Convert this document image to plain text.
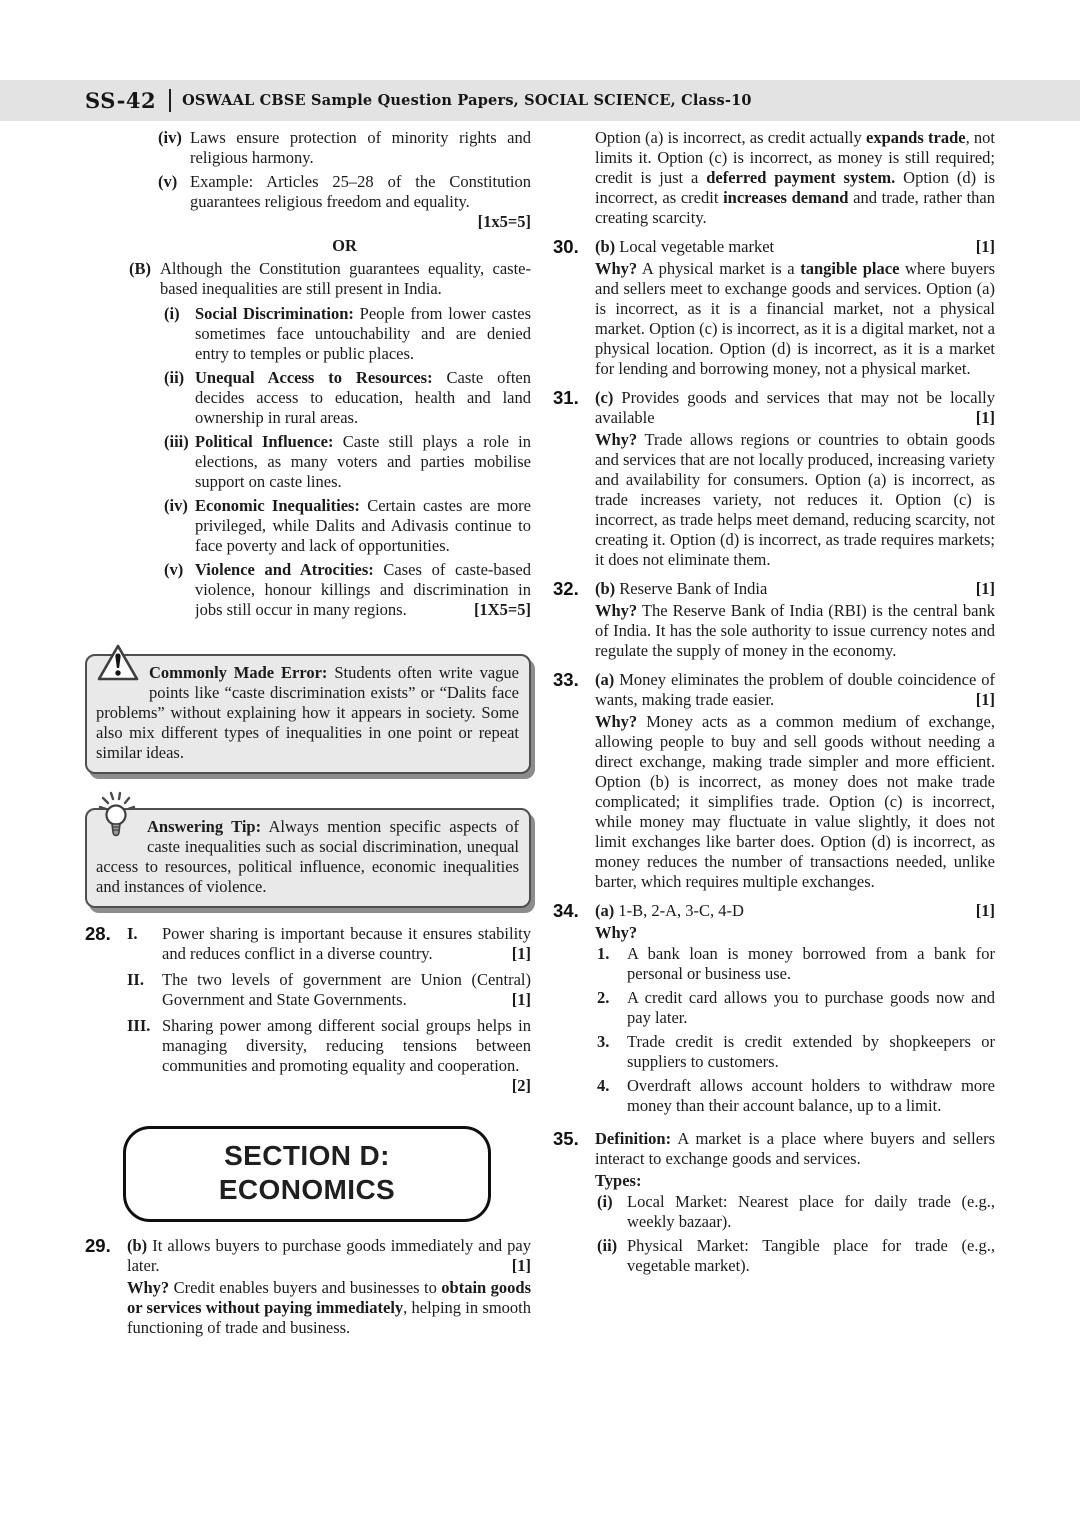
SS-42 OSWAAL CBSE Sample Question Papers, SOCIAL SCIENCE, Class-10
(iv) Laws ensure protection of minority rights and religious harmony.
(v) Example: Articles 25–28 of the Constitution guarantees religious freedom and equality.
[1x5=5]
OR
(B) Although the Constitution guarantees equality, caste-based inequalities are still present in India.
(i) Social Discrimination: People from lower castes sometimes face untouchability and are denied entry to temples or public places.
(ii) Unequal Access to Resources: Caste often decides access to education, health and land ownership in rural areas.
(iii) Political Influence: Caste still plays a role in elections, as many voters and parties mobilise support on caste lines.
(iv) Economic Inequalities: Certain castes are more privileged, while Dalits and Adivasis continue to face poverty and lack of opportunities.
(v) Violence and Atrocities: Cases of caste-based violence, honour killings and discrimination in jobs still occur in many regions.	[1X5=5]
Commonly Made Error: Students often write vague points like “caste discrimination exists” or “Dalits face problems” without explaining how it appears in society. Some also mix different types of inequalities in one point or repeat similar ideas.
Answering Tip: Always mention specific aspects of caste inequalities such as social discrimination, unequal access to resources, political influence, economic inequalities and instances of violence.
28. I.	Power sharing is important because it ensures stability and reduces conflict in a diverse country.	[1]
II.	The two levels of government are Union (Central) Government and State Governments.	[1]
III. Sharing power among different social groups helps in managing diversity, reducing tensions between communities and promoting equality and cooperation.
[2]
SECTION D:
ECONOMICS
29. (b) It allows buyers to purchase goods immediately and pay later.	[1]
Why? Credit enables buyers and businesses to obtain goods or services without paying immediately, helping in smooth functioning of trade and business.
Option (a) is incorrect, as credit actually expands trade, not limits it. Option (c) is incorrect, as money is still required; credit is just a deferred payment system. Option (d) is incorrect, as credit increases demand and trade, rather than creating scarcity.
30. (b) Local vegetable market	[1]
Why? A physical market is a tangible place where buyers and sellers meet to exchange goods and services. Option (a) is incorrect, as it is a financial market, not a physical market. Option (c) is incorrect, as it is a digital market, not a physical location. Option (d) is incorrect, as it is a market for lending and borrowing money, not a physical market.
31. (c) Provides goods and services that may not be locally available	[1]
Why? Trade allows regions or countries to obtain goods and services that are not locally produced, increasing variety and availability for consumers. Option (a) is incorrect, as trade increases variety, not reduces it. Option (c) is incorrect, as trade helps meet demand, reducing scarcity, not creating it. Option (d) is incorrect, as trade requires markets; it does not eliminate them.
32. (b) Reserve Bank of India	[1]
Why? The Reserve Bank of India (RBI) is the central bank of India. It has the sole authority to issue currency notes and regulate the supply of money in the economy.
33. (a) Money eliminates the problem of double coincidence of wants, making trade easier.	[1]
Why? Money acts as a common medium of exchange, allowing people to buy and sell goods without needing a direct exchange, making trade simpler and more efficient. Option (b) is incorrect, as money does not make trade complicated; it simplifies trade. Option (c) is incorrect, while money may fluctuate in value slightly, it does not limit exchanges like barter does. Option (d) is incorrect, as money reduces the number of transactions needed, unlike barter, which requires multiple exchanges.
34. (a) 1-B, 2-A, 3-C, 4-D	[1]
Why?
1.	A bank loan is money borrowed from a bank for personal or business use.
2.	A credit card allows you to purchase goods now and pay later.
3.	Trade credit is credit extended by shopkeepers or suppliers to customers.
4.	Overdraft allows account holders to withdraw more money than their account balance, up to a limit.
35. Definition: A market is a place where buyers and sellers interact to exchange goods and services.
Types:
(i) Local Market: Nearest place for daily trade (e.g., weekly bazaar).
(ii) Physical Market: Tangible place for trade (e.g., vegetable market).
